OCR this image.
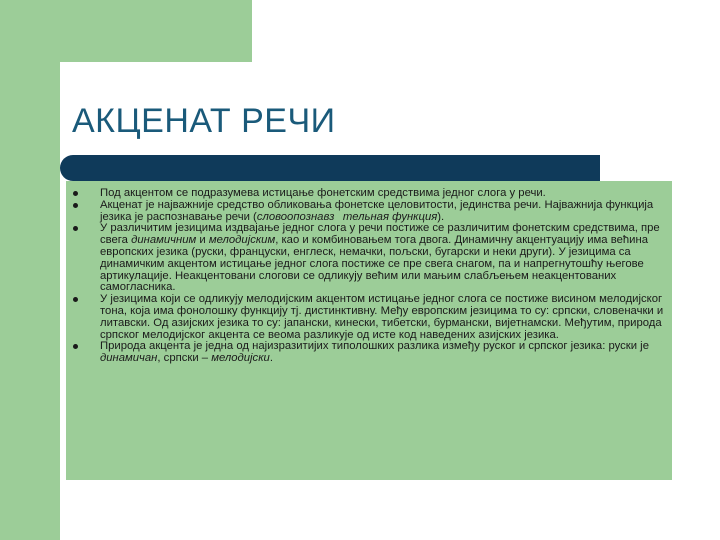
АКЦЕНАТ РЕЧИ
Под акцентом се подразумева истицање фонетским средствима једног слога у речи.
Акценат је најважније средство обликовања фонетске целовитости, јединства речи. Најважнија функција језика је распознавање речи (словоопознавз тельная функция).
У различитим језицима издвајање једног слога у речи постиже се различитим фонетским средствима, пре свега динамичним и мелодијским, као и комбиновањем тога двога. Динамичну акцентуацију има већина европских језика (руски, француски, енглеск, немачки, пољски, бугарски и неки други). У језицима са динамичким акцентом истицање једног слога постиже се пре свега снагом, па и напрегнутошћу његове артикулације. Неакцентовани слогови се одликују већим или мањим слабљењем неакцентованих самогласника.
У језицима који се одликују мелодијским акцентом истицање једног слога се постиже висином мелодијског тона, која има фонолошку функцију тј. дистинктивну. Међу европским језицима то су: српски, словеначки и литавски. Од азијских језика то су: јапански, кинески, тибетски, бурмански, вијетнамски. Међутим, природа српског мелодијског акцента се веома разликује од исте код наведених азијских језика.
Природа акцента је једна од најизразитијих типолошких разлика између руског и српског језика: руски је динамичан, српски – мелодијски.
